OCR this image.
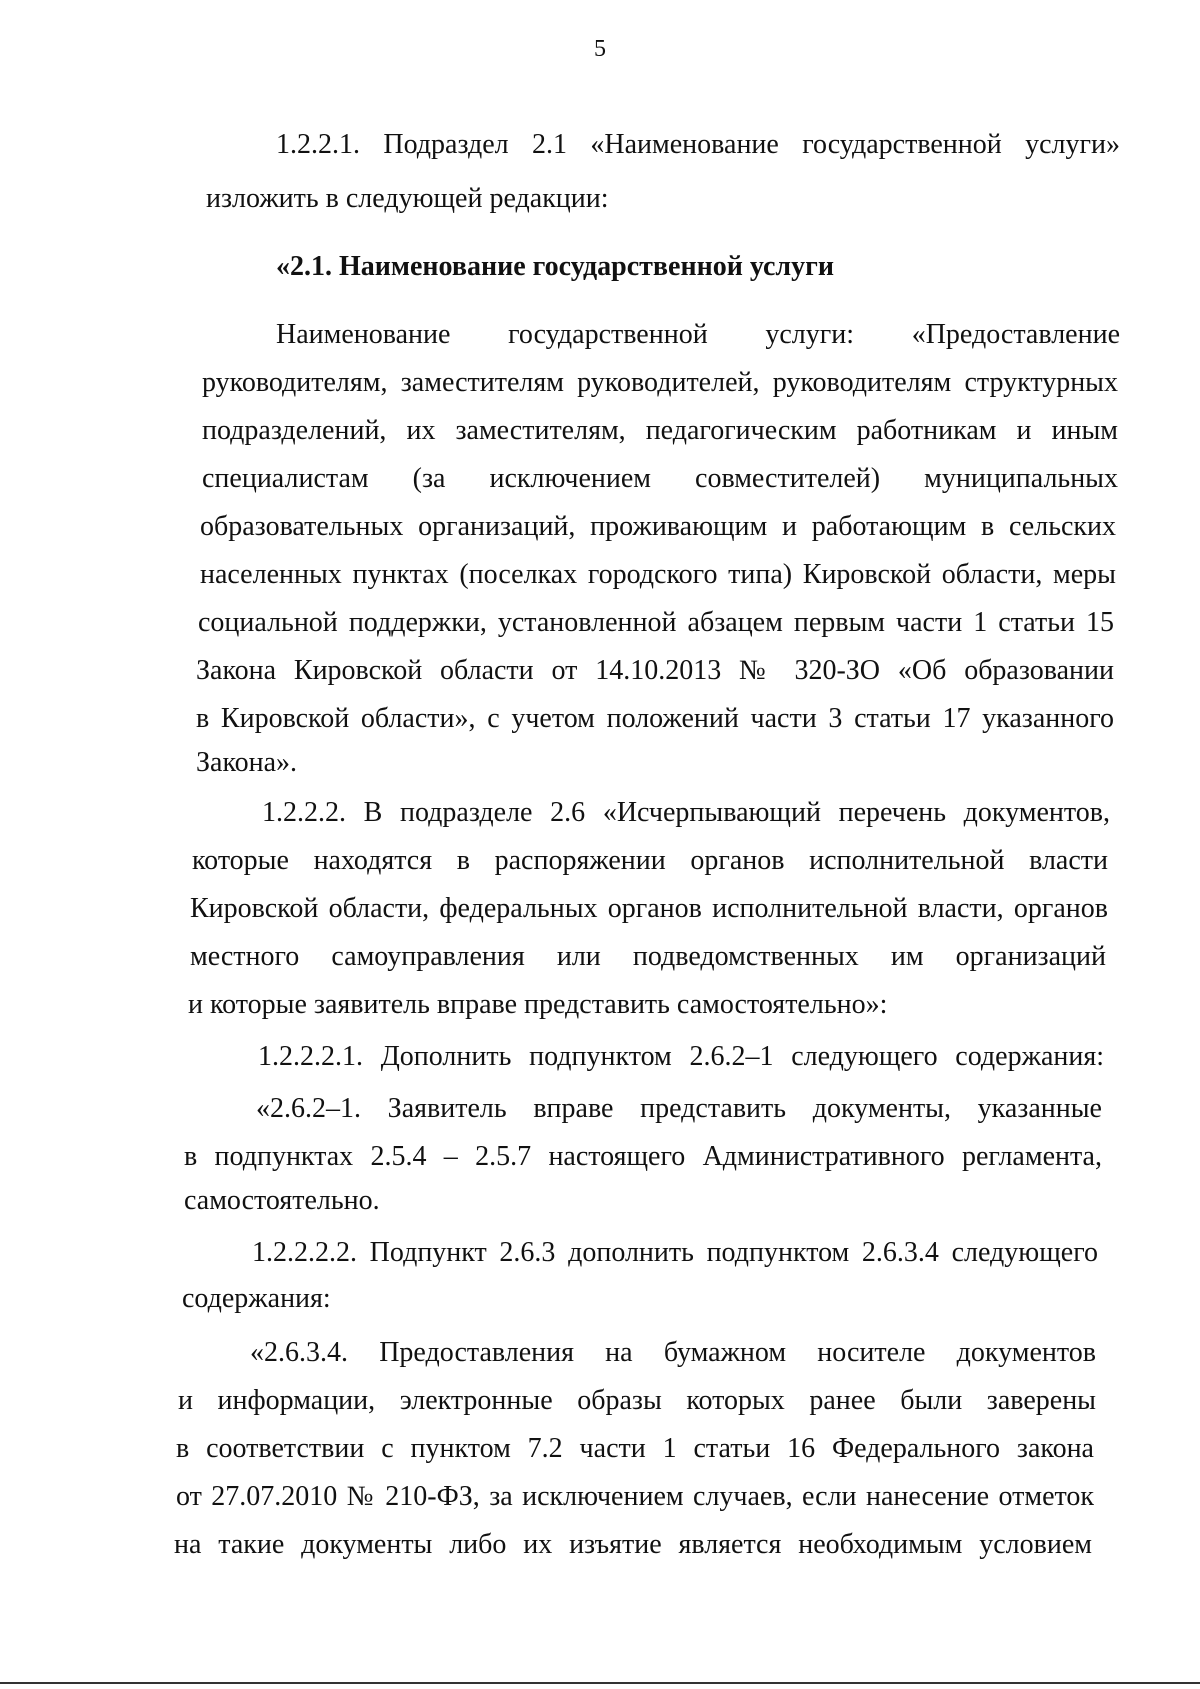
5
1.2.2.1. Подраздел 2.1 «Наименование государственной услуги»
изложить в следующей редакции:
«2.1. Наименование государственной услуги
Наименование государственной услуги: «Предоставление
руководителям, заместителям руководителей, руководителям структурных
подразделений, их заместителям, педагогическим работникам и иным
специалистам (за исключением совместителей) муниципальных
образовательных организаций, проживающим и работающим в сельских
населенных пунктах (поселках городского типа) Кировской области, меры
социальной поддержки, установленной абзацем первым части 1 статьи 15
Закона Кировской области от 14.10.2013 № 320-ЗО «Об образовании
в Кировской области», с учетом положений части 3 статьи 17 указанного
Закона».
1.2.2.2. В подразделе 2.6 «Исчерпывающий перечень документов,
которые находятся в распоряжении органов исполнительной власти
Кировской области, федеральных органов исполнительной власти, органов
местного самоуправления или подведомственных им организаций
и которые заявитель вправе представить самостоятельно»:
1.2.2.2.1. Дополнить подпунктом 2.6.2–1 следующего содержания:
«2.6.2–1. Заявитель вправе представить документы, указанные
в подпунктах 2.5.4 – 2.5.7 настоящего Административного регламента,
самостоятельно.
1.2.2.2.2. Подпункт 2.6.3 дополнить подпунктом 2.6.3.4 следующего
содержания:
«2.6.3.4. Предоставления на бумажном носителе документов
и информации, электронные образы которых ранее были заверены
в соответствии с пунктом 7.2 части 1 статьи 16 Федерального закона
от 27.07.2010 № 210-ФЗ, за исключением случаев, если нанесение отметок
на такие документы либо их изъятие является необходимым условием
